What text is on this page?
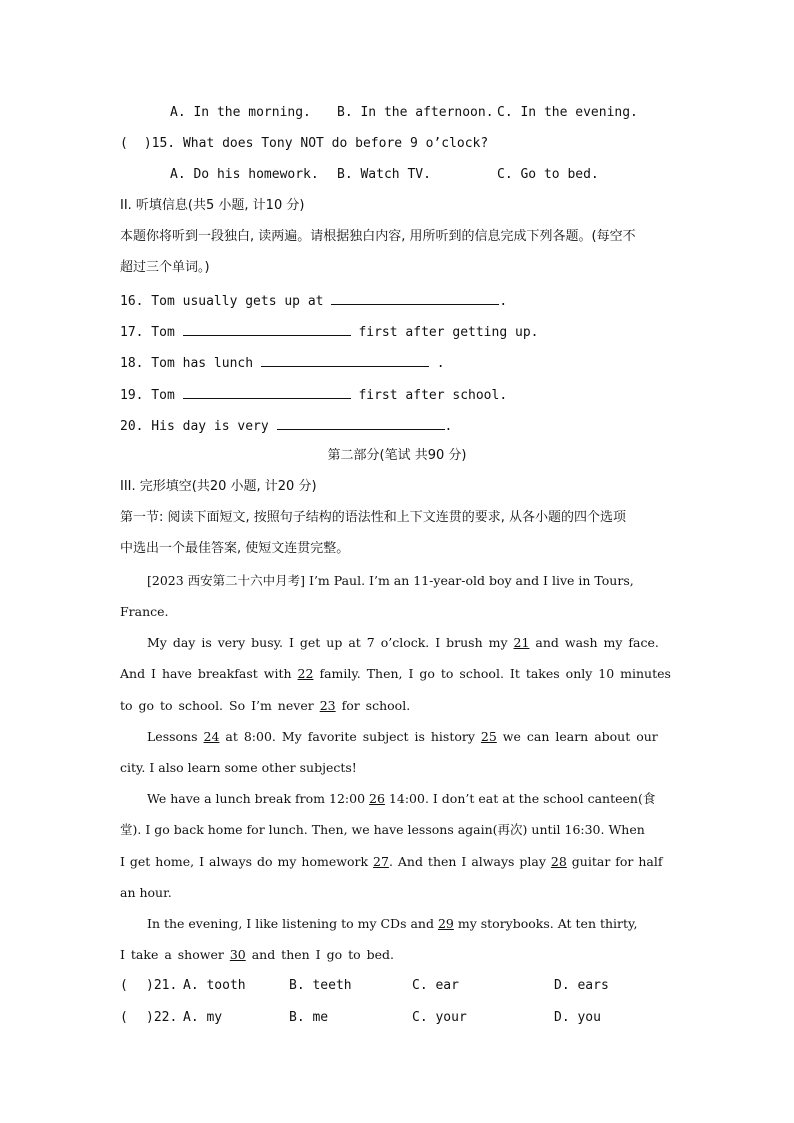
A. In the morning. B. In the afternoon. C. In the evening.
( )15. What does Tony NOT do before 9 o’clock?
A. Do his homework. B. Watch TV.	C. Go to bed.
II. 听填信息(共5 小题, 计10 分)
本题你将听到一段独白, 读两遍。请根据独白内容, 用所听到的信息完成下列各题。(每空不
超过三个单词。)
16. Tom usually gets up at	.
17. Tom	first after getting up.
18. Tom has lunch	.
19. Tom	first after school.
20. His day is very	.
第二部分(笔试 共90 分)
III. 完形填空(共20 小题, 计20 分)
第一节: 阅读下面短文, 按照句子结构的语法性和上下文连贯的要求, 从各小题的四个选项
中选出一个最佳答案, 使短文连贯完整。
[2023 西安第二十六中月考] I’m Paul. I’m an 11-year-old boy and I live in Tours,
France.
My day is very busy. I get up at 7 o’clock. I brush my 21 and wash my face.
And I have breakfast with 22 family. Then, I go to school. It takes only 10 minutes
to go to school. So I’m never 23 for school.
Lessons 24 at 8:00. My favorite subject is history 25 we can learn about our
city. I also learn some other subjects!
We have a lunch break from 12:00 26 14:00. I don’t eat at the school canteen(食
堂). I go back home for lunch. Then, we have lessons again(再次) until 16:30. When
I get home, I always do my homework 27. And then I always play 28 guitar for half
an hour.
In the evening, I like listening to my CDs and 29 my storybooks. At ten thirty,
I take a shower 30 and then I go to bed.
( )21. A. tooth	B. teeth	C. ear	D. ears
( )22. A. my	B. me	C. your	D. you
